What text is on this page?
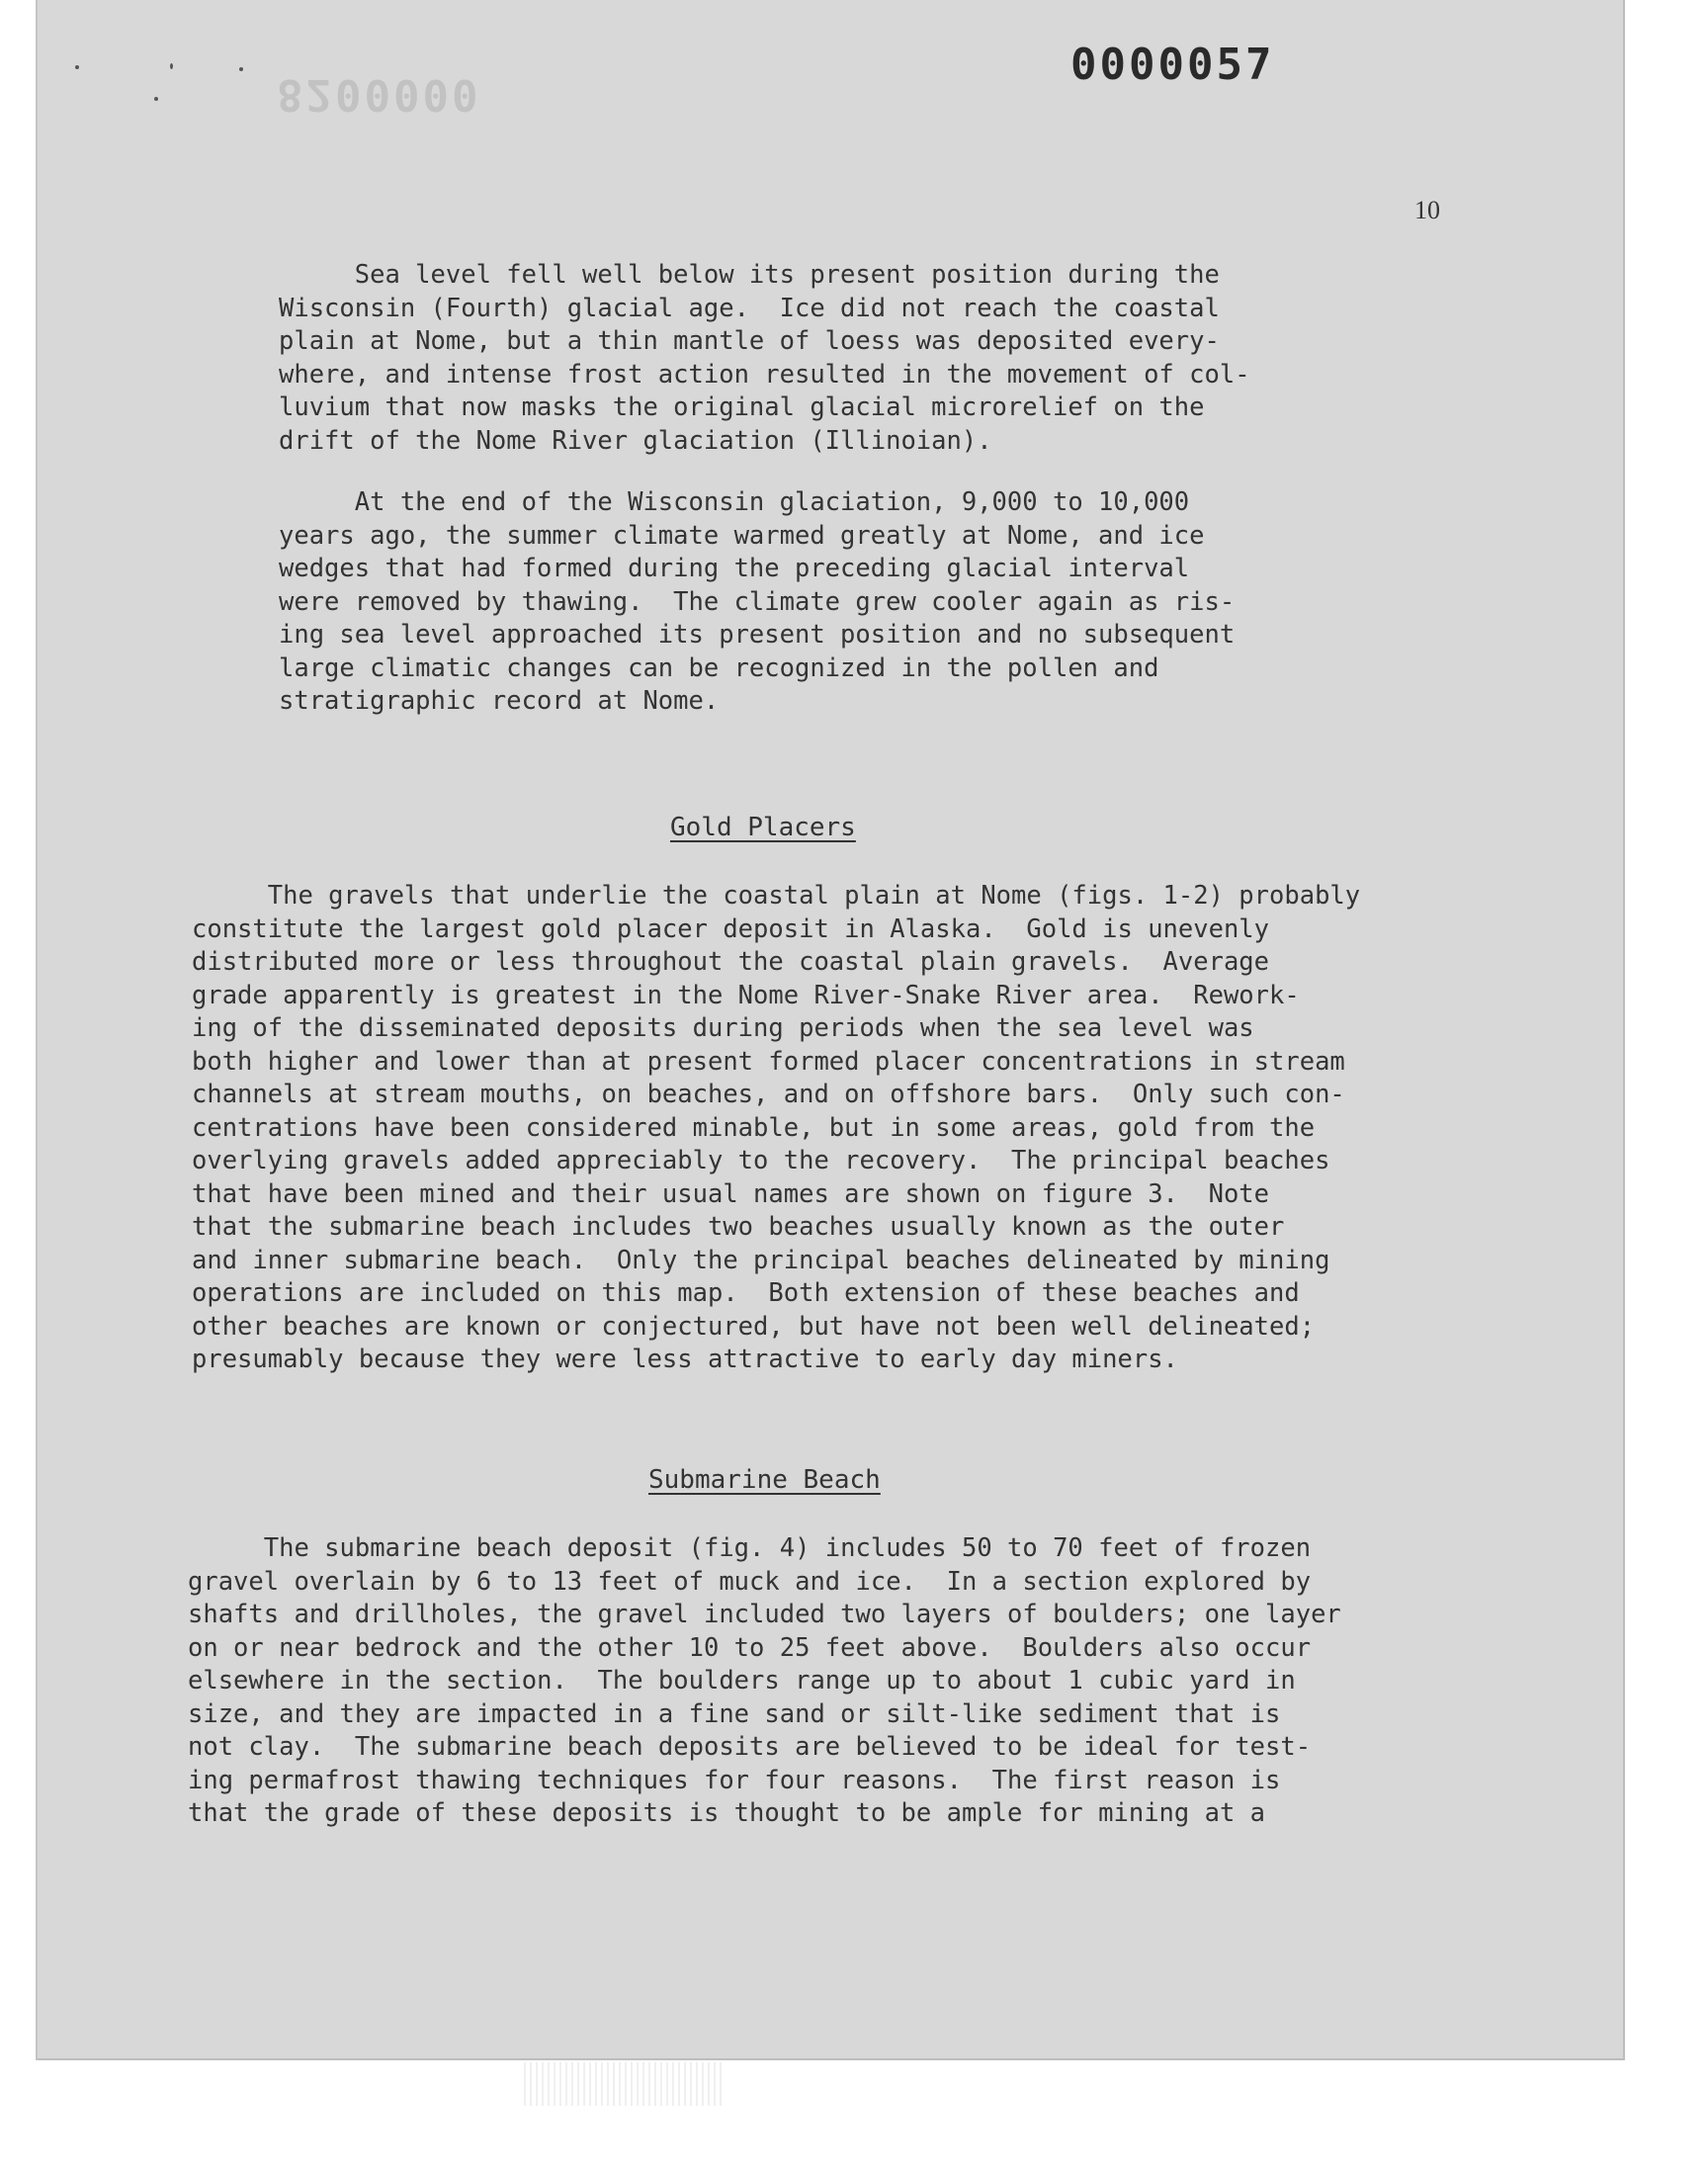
8200000
0000057
10
Sea level fell well below its present position during the
Wisconsin (Fourth) glacial age.  Ice did not reach the coastal
plain at Nome, but a thin mantle of loess was deposited every-
where, and intense frost action resulted in the movement of col-
luvium that now masks the original glacial microrelief on the
drift of the Nome River glaciation (Illinoian).
At the end of the Wisconsin glaciation, 9,000 to 10,000
years ago, the summer climate warmed greatly at Nome, and ice
wedges that had formed during the preceding glacial interval
were removed by thawing.  The climate grew cooler again as ris-
ing sea level approached its present position and no subsequent
large climatic changes can be recognized in the pollen and
stratigraphic record at Nome.
Gold Placers
The gravels that underlie the coastal plain at Nome (figs. 1-2) probably
constitute the largest gold placer deposit in Alaska.  Gold is unevenly
distributed more or less throughout the coastal plain gravels.  Average
grade apparently is greatest in the Nome River-Snake River area.  Rework-
ing of the disseminated deposits during periods when the sea level was
both higher and lower than at present formed placer concentrations in stream
channels at stream mouths, on beaches, and on offshore bars.  Only such con-
centrations have been considered minable, but in some areas, gold from the
overlying gravels added appreciably to the recovery.  The principal beaches
that have been mined and their usual names are shown on figure 3.  Note
that the submarine beach includes two beaches usually known as the outer
and inner submarine beach.  Only the principal beaches delineated by mining
operations are included on this map.  Both extension of these beaches and
other beaches are known or conjectured, but have not been well delineated;
presumably because they were less attractive to early day miners.
Submarine Beach
The submarine beach deposit (fig. 4) includes 50 to 70 feet of frozen
gravel overlain by 6 to 13 feet of muck and ice.  In a section explored by
shafts and drillholes, the gravel included two layers of boulders; one layer
on or near bedrock and the other 10 to 25 feet above.  Boulders also occur
elsewhere in the section.  The boulders range up to about 1 cubic yard in
size, and they are impacted in a fine sand or silt-like sediment that is
not clay.  The submarine beach deposits are believed to be ideal for test-
ing permafrost thawing techniques for four reasons.  The first reason is
that the grade of these deposits is thought to be ample for mining at a
